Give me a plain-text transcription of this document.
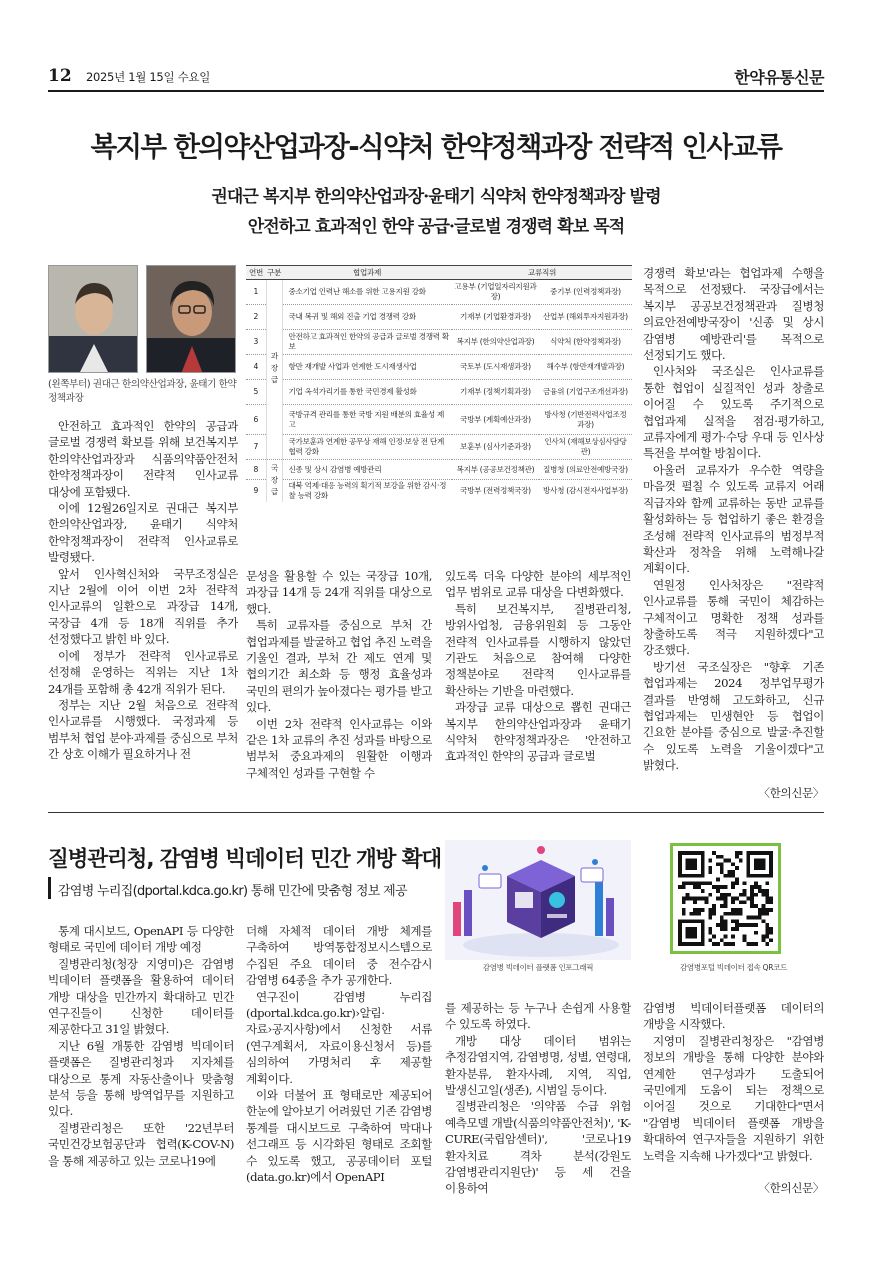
12 2025년 1월 15일 수요일	한약유통신문
복지부 한의약산업과장-식약처 한약정책과장 전략적 인사교류
권대근 복지부 한의약산업과장·윤태기 식약처 한약정책과장 발령
안전하고 효과적인 한약 공급·글로벌 경쟁력 확보 목적
(왼쪽부터) 권대근 한의약산업과장, 윤태기 한약정책과장

안전하고 효과적인 한약의 공급과 글로벌 경쟁력 확보를 위해 보건복지부 한의약산업과장과 식품의약품안전처 한약정책과장이 전략적 인사교류 대상에 포함됐다.

이에 12월26일지로 권대근 복지부 한의약산업과장, 윤태기 식약처 한약정책과장이 전략적 인사교류로 발령됐다.

앞서 인사혁신처와 국무조정실은 지난 2월에 이어 이번 2차 전략적 인사교류의 일환으로 과장급 14개, 국장급 4개 등 18개 직위를 추가 선정했다고 밝힌 바 있다.

이에 정부가 전략적 인사교류로 선정해 운영하는 직위는 지난 1차 24개를 포함해 총 42개 직위가 된다.

정부는 지난 2월 처음으로 전략적 인사교류를 시행했다. 국정과제 등 범부처 협업 분야·과제를 중심으로 부처 간 상호 이해가 필요하거나 전

연번	구분	협업과제	교류직위	
1	과장급	중소기업 인력난 해소를 위한 고용지원 강화	고용부 (기업일자리지원과장)	중기부 (인력정책과장)
2		국내 복귀 및 해외 진출 기업 경쟁력 강화	기재부 (기업환경과장)	산업부 (해외투자지원과장)
3		안전하고 효과적인 한약의 공급과 글로벌 경쟁력 확보	복지부 (한의약산업과장)	식약처 (한약정책과장)
4		항만 재개발 사업과 연계한 도시재생사업	국토부 (도시재생과장)	해수부 (항만재개발과장)
5		기업 옥석가리기를 통한 국민경제 활성화	기재부 (정책기획과장)	금융위 (기업구조개선과장)
6		국방규격 관리를 통한 국방 지원 배분의 효율성 제고	국방부 (계획예산과장)	방사청 (기반전력사업조정과장)
7		국가보훈과 연계한 공무상 재해 인정·보상 전 단계 협력 강화	보훈부 (심사기준과장)	인사처 (재해보상심사담당관)
8	국장급	신종 및 상시 감염병 예방관리	복지부 (공공보건정책관)	질병청 (의료안전예방국장)
9		대북 억제·대응 능력의 획기적 보강을 위한 감시·정찰 능력 강화	국방부 (전력정책국장)	방사청 (감시전자사업부장)

문성을 활용할 수 있는 국장급 10개, 과장급 14개 등 24개 직위를 대상으로 했다.

특히 교류자를 중심으로 부처 간 협업과제를 발굴하고 협업 추진 노력을 기울인 결과, 부처 간 제도 연계 및 협의기간 최소화 등 행정 효율성과 국민의 편의가 높아졌다는 평가를 받고 있다.

이번 2차 전략적 인사교류는 이와 같은 1차 교류의 추진 성과를 바탕으로 범부처 중요과제의 원활한 이행과 구체적인 성과를 구현할 수

있도록 더욱 다양한 분야의 세부적인 업무 범위로 교류 대상을 다변화했다.

특히 보건복지부, 질병관리청, 방위사업청, 금융위원회 등 그동안 전략적 인사교류를 시행하지 않았던 기관도 처음으로 참여해 다양한 정책분야로 전략적 인사교류를 확산하는 기반을 마련했다.

과장급 교류 대상으로 뽑힌 권대근 복지부 한의약산업과장과 윤태기 식약처 한약정책과장은 '안전하고 효과적인 한약의 공급과 글로벌

경쟁력 확보'라는 협업과제 수행을 목적으로 선정됐다. 국장급에서는 복지부 공공보건정책관과 질병청 의료안전예방국장이 '신종 및 상시 감염병 예방관리'를 목적으로 선정되기도 했다.

인사처와 국조실은 인사교류를 통한 협업이 실질적인 성과 창출로 이어질 수 있도록 주기적으로 협업과제 실적을 점검·평가하고, 교류자에게 평가·수당 우대 등 인사상 특전을 부여할 방침이다.

아울러 교류자가 우수한 역량을 마음껏 펼칠 수 있도록 교류지 어래 직급자와 함께 교류하는 동반 교류를 활성화하는 등 협업하기 좋은 환경을 조성해 전략적 인사교류의 범정부적 확산과 정착을 위해 노력해나갈 계획이다.

연원정 인사처장은 "전략적 인사교류를 통해 국민이 체감하는 구체적이고 명확한 정책 성과를 창출하도록 적극 지원하겠다"고 강조했다.

방기선 국조실장은 "향후 기존 협업과제는 2024 정부업무평가 결과를 반영해 고도화하고, 신규 협업과제는 민생현안 등 협업이 긴요한 분야를 중심으로 발굴·추진할 수 있도록 노력을 기울이겠다"고 밝혔다.

〈한의신문〉
질병관리청, 감염병 빅데이터 민간 개방 확대
감염병 누리집(dportal.kdca.go.kr) 통해 민간에 맞춤형 정보 제공
감염병 빅데이터 플랫폼 인포그래픽	감염병포털 빅데이터 접속 QR코드

통계 대시보드, OpenAPI 등 다양한 형태로 국민에 데이터 개방 예정

질병관리청(청장 지영미)은 감염병 빅데이터 플랫폼을 활용하여 데이터 개방 대상을 민간까지 확대하고 민간 연구진들이 신청한 데이터를 제공한다고 31일 밝혔다.

지난 6월 개통한 감염병 빅데이터 플랫폼은 질병관리청과 지자체를 대상으로 통계 자동산출이나 맞춤형 분석 등을 통해 방역업무를 지원하고 있다.

질병관리청은 또한 '22년부터 국민건강보험공단과 협력(K-COV-N)을 통해 제공하고 있는 코로나19에

더해 자체적 데이터 개방 체계를 구축하여 방역통합정보시스템으로 수집된 주요 데이터 중 전수감시 감염병 64종을 추가 공개한다.

연구진이 감염병 누리집(dportal.kdca.go.kr)›알림·자료›공지사항)에서 신청한 서류(연구계획서, 자료이용신청서 등)를 심의하여 가명처리 후 제공할 계획이다.

이와 더불어 표 형태로만 제공되어 한눈에 알아보기 어려웠던 기존 감염병 통계를 대시보드로 구축하여 막대나 선그래프 등 시각화된 형태로 조회할 수 있도록 했고, 공공데이터 포털(data.go.kr)에서 OpenAPI

를 제공하는 등 누구나 손쉽게 사용할 수 있도록 하였다.

개방 대상 데이터 범위는 추정감염지역, 감염병명, 성별, 연령대, 환자분류, 환자사례, 지역, 직업, 발생신고일(생존), 시범일 등이다.

질병관리청은 '의약품 수급 위험 예측모델 개발(식품의약품안전처)', 'K-CURE(국립암센터)', '코로나19 환자치료 격차 분석(강원도 감염병관리지원단)' 등 세 건을 이용하여

감염병 빅데이터플랫폼 데이터의 개방을 시작했다.

지영미 질병관리청장은 "감염병 정보의 개방을 통해 다양한 분야와 연계한 연구성과가 도출되어 국민에게 도움이 되는 정책으로 이어질 것으로 기대한다"면서 "감염병 빅데이터 플랫폼 개방을 확대하여 연구자들을 지원하기 위한 노력을 지속해 나가겠다"고 밝혔다.

〈한의신문〉
